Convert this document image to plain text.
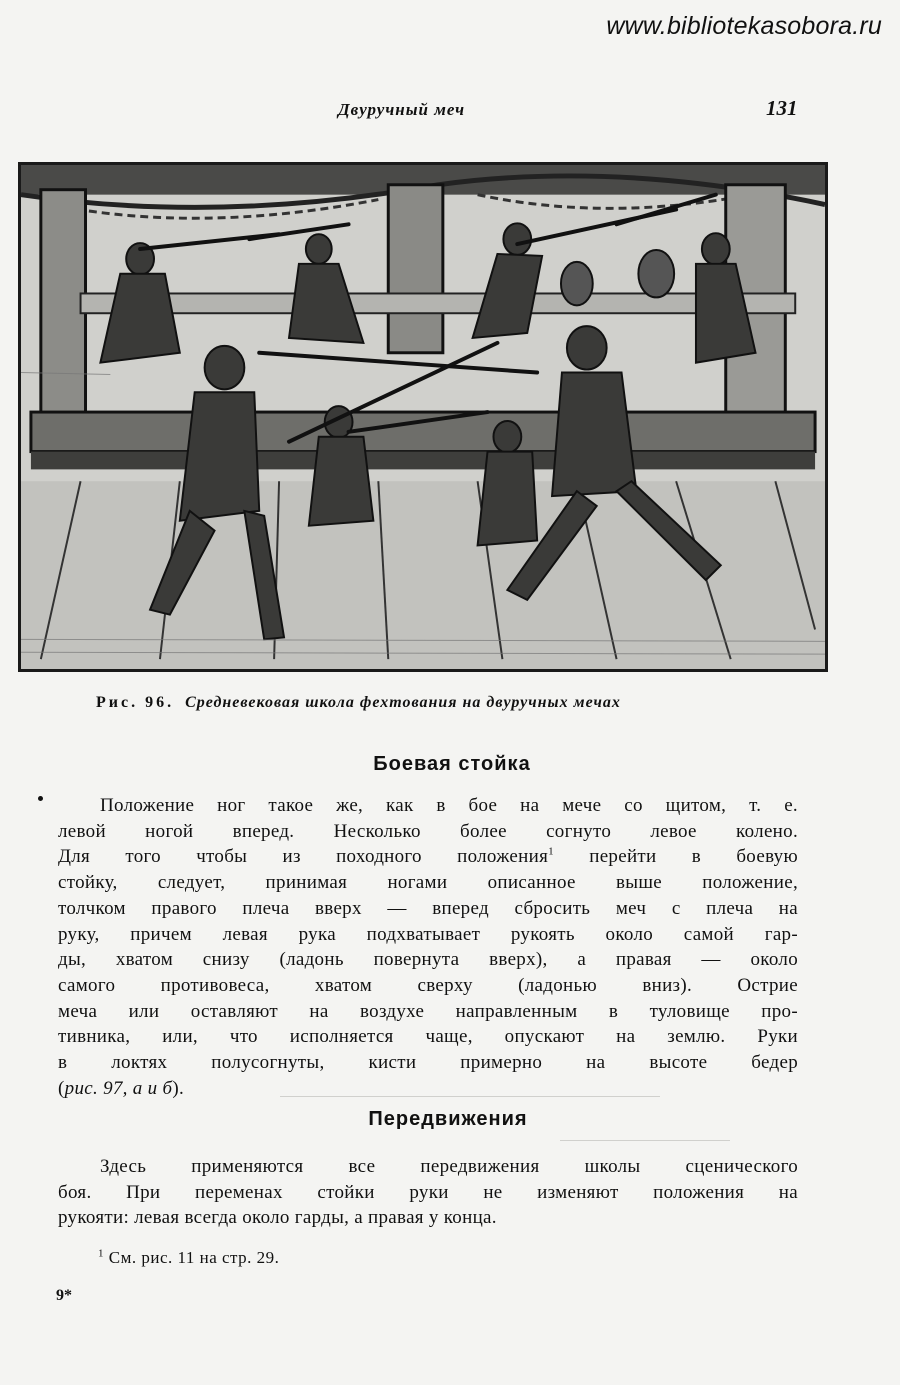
www.bibliotekasobora.ru
Двуручный меч	131
Рис. 96. Средневековая школа фехтования на двуручных мечах
Боевая стойка
Положение ног такое же, как в бое на мече со щитом, т. е.
левой ногой вперед. Несколько более согнуто левое колено.
Для того чтобы из походного положения$^1$ перейти в боевую
стойку, следует, принимая ногами описанное выше положение,
толчком правого плеча вверх — вперед сбросить меч с плеча на
руку, причем левая рука подхватывает рукоять около самой гар-
ды, хватом снизу (ладонь повернута вверх), а правая — около
самого противовеса, хватом сверху (ладонью вниз). Острие
меча или оставляют на воздухе направленным в туловище про-
тивника, или, что исполняется чаще, опускают на землю. Руки
в локтях полусогнуты, кисти примерно на высоте бедер
(рис. 97, а и б).
Передвижения
Здесь применяются все передвижения школы сценического
боя. При переменах стойки руки не изменяют положения на
рукояти: левая всегда около гарды, а правая у конца.
$^1$ См. рис. 11 на стр. 29.
9*
